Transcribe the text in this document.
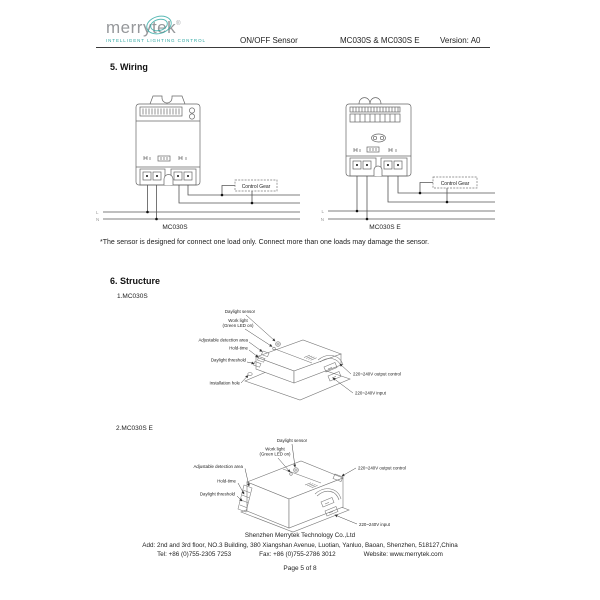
merrytek®
INTELLIGENT LIGHTING CONTROL	ON/OFF Sensor	MC030S & MC030S E	Version: A0
5. Wiring
Control Gear
L
N
MC030S
Control Gear
L
N
MC030S E
*The sensor is designed for connect one load only. Connect more than one loads may damage the sensor.
6. Structure
1.MC030S
Daylight sensor
Work light
(Green LED on)
Adjustable detection area
Hold-time
Daylight threshold
Installation hole
220~240V output control
220~240V input
2.MC030S E
Daylight sensor
Work light
(Green LED on)
Adjustable detection area
Hold-time
Daylight threshold
220~240V output control
220~240V input
Shenzhen Merrytek Technology Co.,Ltd
Add: 2nd and 3rd floor, NO.3 Building, 380 Xiangshan Avenue, Luotian, Yanluo, Baoan, Shenzhen, 518127,China
Tel: +86 (0)755-2305 7253	Fax: +86 (0)755-2786 3012	Website: www.merrytek.com
Page 5 of 8
